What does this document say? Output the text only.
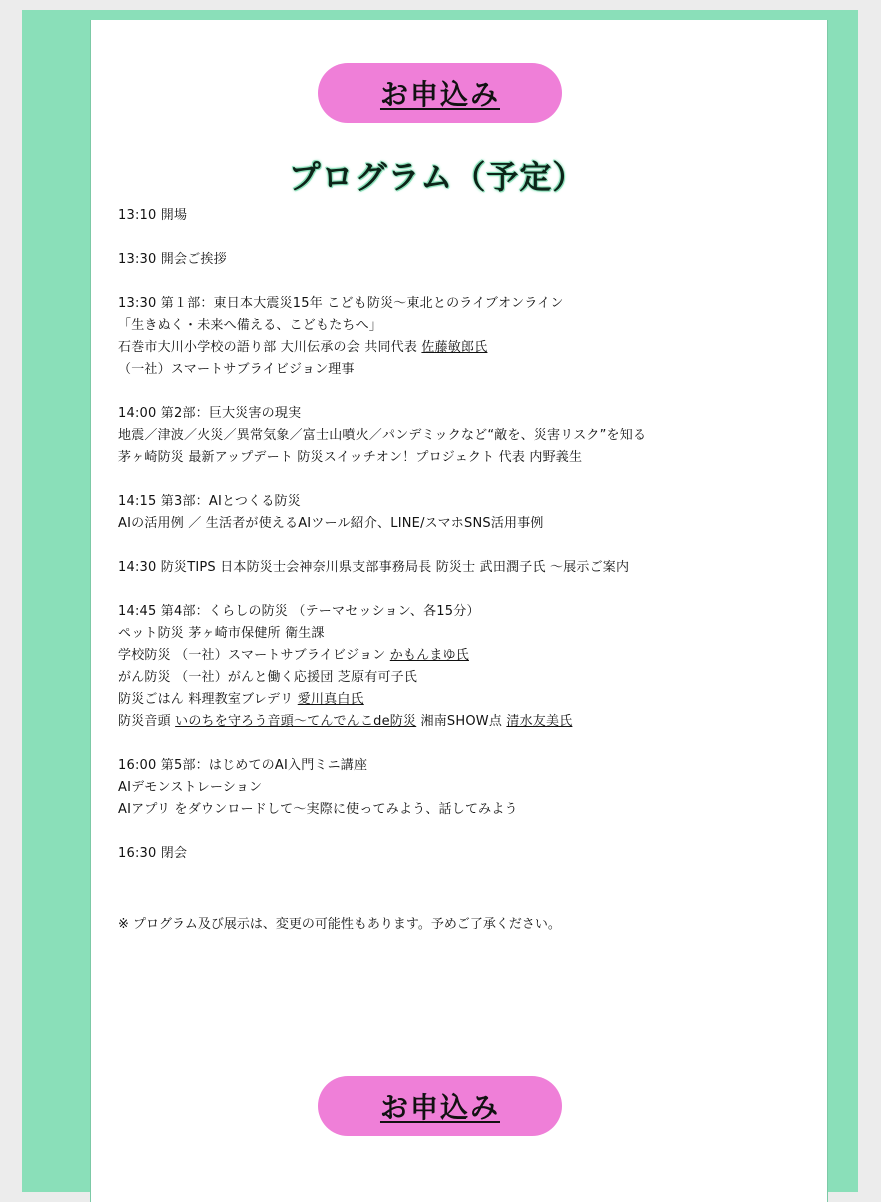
お申込み
プログラム（予定）
13:10 開場
13:30 開会ご挨拶
13:30 第１部：東日本大震災15年 こども防災～東北とのライブオンライン
「生きぬく・未来へ備える、こどもたちへ」
石巻市大川小学校の語り部 大川伝承の会 共同代表 佐藤敏郎氏
（一社）スマートサブライビジョン理事
14:00 第2部：巨大災害の現実
地震／津波／火災／異常気象／富士山噴火／パンデミックなど“敵を、災害リスク”を知る
茅ヶ崎防災 最新アップデート 防災スイッチオン！プロジェクト 代表 内野義生
14:15 第3部：AIとつくる防災
AIの活用例 ／ 生活者が使えるAIツール紹介、LINE/スマホSNS活用事例
14:30 防災TIPS 日本防災士会神奈川県支部事務局長 防災士 武田潤子氏 ～展示ご案内
14:45 第4部：くらしの防災 （テーマセッション、各15分）
ペット防災 茅ヶ崎市保健所 衛生課
学校防災 （一社）スマートサブライビジョン かもんまゆ氏
がん防災 （一社）がんと働く応援団 芝原有可子氏
防災ごはん 料理教室ブレデリ 愛川真白氏
防災音頭 いのちを守ろう音頭～てんでんこde防災 湘南SHOW点 清水友美氏
16:00 第5部：はじめてのAI入門ミニ講座
AIデモンストレーション
AIアプリ をダウンロードして～実際に使ってみよう、話してみよう
16:30 閉会
※ プログラム及び展示は、変更の可能性もあります。予めご了承ください。
お申込み
